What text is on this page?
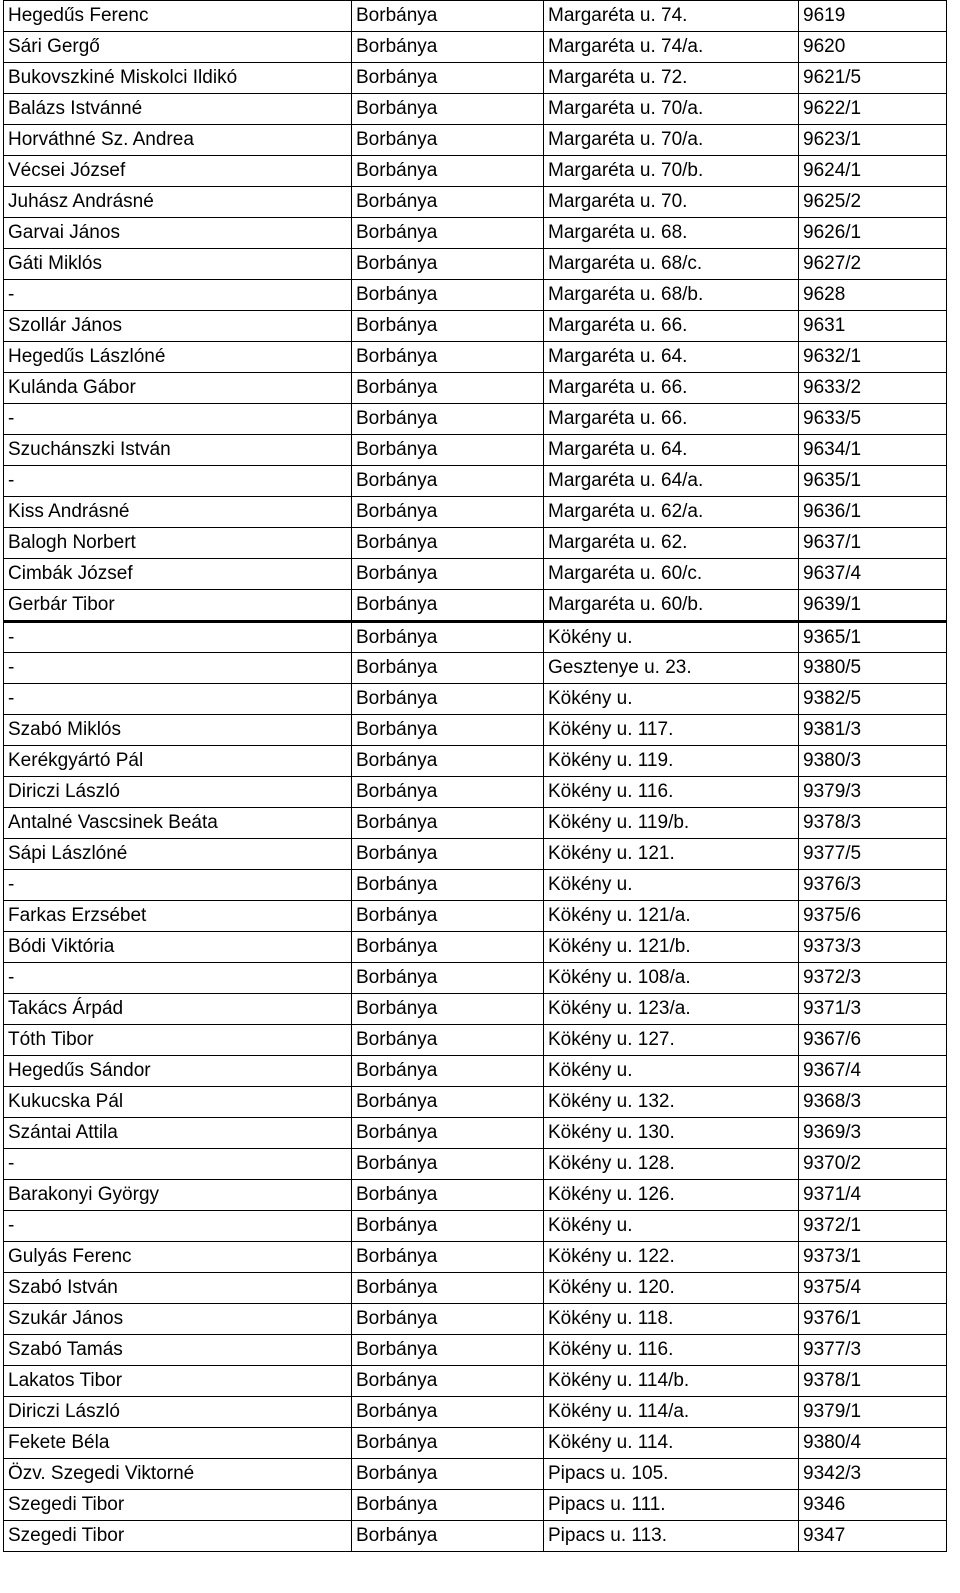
Hegedűs Ferenc	Borbánya	Margaréta u. 74.	9619
Sári Gergő	Borbánya	Margaréta u. 74/a.	9620
Bukovszkiné Miskolci Ildikó	Borbánya	Margaréta u. 72.	9621/5
Balázs Istvánné	Borbánya	Margaréta u. 70/a.	9622/1
Horváthné Sz. Andrea	Borbánya	Margaréta u. 70/a.	9623/1
Vécsei József	Borbánya	Margaréta u. 70/b.	9624/1
Juhász Andrásné	Borbánya	Margaréta u. 70.	9625/2
Garvai János	Borbánya	Margaréta u. 68.	9626/1
Gáti Miklós	Borbánya	Margaréta u. 68/c.	9627/2
-	Borbánya	Margaréta u. 68/b.	9628
Szollár János	Borbánya	Margaréta u. 66.	9631
Hegedűs Lászlóné	Borbánya	Margaréta u. 64.	9632/1
Kulánda Gábor	Borbánya	Margaréta u. 66.	9633/2
-	Borbánya	Margaréta u. 66.	9633/5
Szuchánszki István	Borbánya	Margaréta u. 64.	9634/1
-	Borbánya	Margaréta u. 64/a.	9635/1
Kiss Andrásné	Borbánya	Margaréta u. 62/a.	9636/1
Balogh Norbert	Borbánya	Margaréta u. 62.	9637/1
Cimbák József	Borbánya	Margaréta u. 60/c.	9637/4
Gerbár Tibor	Borbánya	Margaréta u. 60/b.	9639/1
-	Borbánya	Kökény u.	9365/1
-	Borbánya	Gesztenye u. 23.	9380/5
-	Borbánya	Kökény u.	9382/5
Szabó Miklós	Borbánya	Kökény u. 117.	9381/3
Kerékgyártó Pál	Borbánya	Kökény u. 119.	9380/3
Diriczi László	Borbánya	Kökény u. 116.	9379/3
Antalné Vascsinek Beáta	Borbánya	Kökény u. 119/b.	9378/3
Sápi Lászlóné	Borbánya	Kökény u. 121.	9377/5
-	Borbánya	Kökény u.	9376/3
Farkas Erzsébet	Borbánya	Kökény u. 121/a.	9375/6
Bódi Viktória	Borbánya	Kökény u. 121/b.	9373/3
-	Borbánya	Kökény u. 108/a.	9372/3
Takács Árpád	Borbánya	Kökény u. 123/a.	9371/3
Tóth Tibor	Borbánya	Kökény u. 127.	9367/6
Hegedűs Sándor	Borbánya	Kökény u.	9367/4
Kukucska Pál	Borbánya	Kökény u. 132.	9368/3
Szántai Attila	Borbánya	Kökény u. 130.	9369/3
-	Borbánya	Kökény u. 128.	9370/2
Barakonyi György	Borbánya	Kökény u. 126.	9371/4
-	Borbánya	Kökény u.	9372/1
Gulyás Ferenc	Borbánya	Kökény u. 122.	9373/1
Szabó István	Borbánya	Kökény u. 120.	9375/4
Szukár János	Borbánya	Kökény u. 118.	9376/1
Szabó Tamás	Borbánya	Kökény u. 116.	9377/3
Lakatos Tibor	Borbánya	Kökény u. 114/b.	9378/1
Diriczi László	Borbánya	Kökény u. 114/a.	9379/1
Fekete Béla	Borbánya	Kökény u. 114.	9380/4
Özv. Szegedi Viktorné	Borbánya	Pipacs u. 105.	9342/3
Szegedi Tibor	Borbánya	Pipacs u. 111.	9346
Szegedi Tibor	Borbánya	Pipacs u. 113.	9347
